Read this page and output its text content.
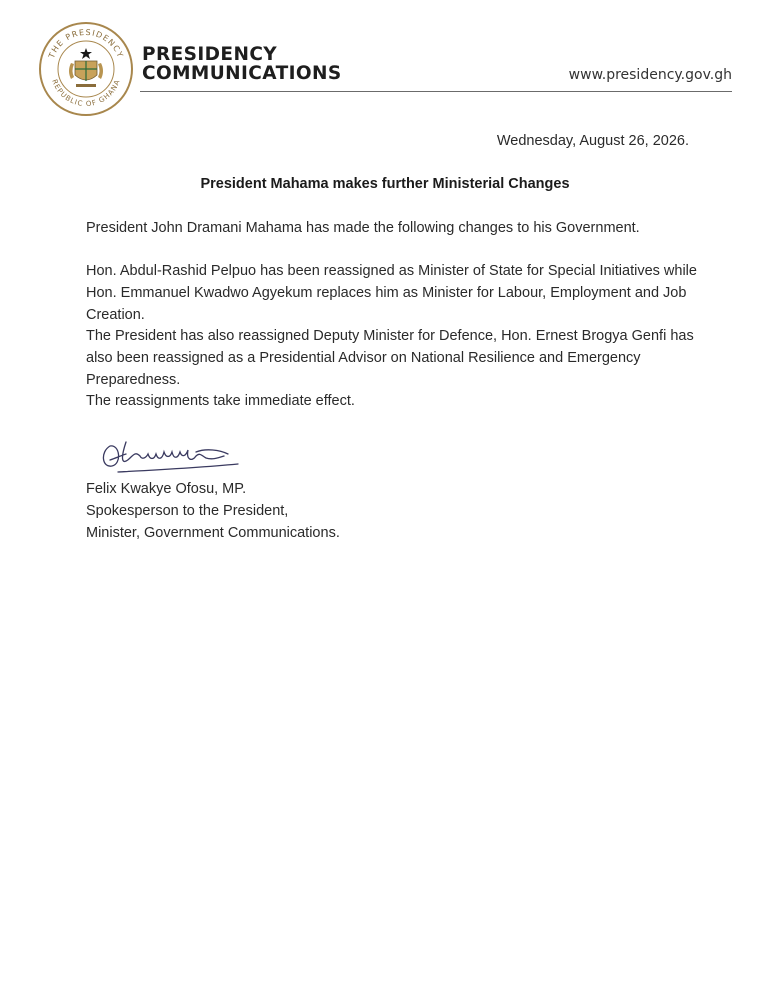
THE PRESIDENCY
REPUBLIC OF GHANA
PRESIDENCY
COMMUNICATIONS	www.presidency.gov.gh
Wednesday, August 26, 2026.
President Mahama makes further Ministerial Changes
President John Dramani Mahama has made the following changes to his Government.
Hon. Abdul-Rashid Pelpuo has been reassigned as Minister of State for Special Initiatives while Hon. Emmanuel Kwadwo Agyekum replaces him as Minister for Labour, Employment and Job Creation.
The President has also reassigned Deputy Minister for Defence, Hon. Ernest Brogya Genfi has also been reassigned as a Presidential Advisor on National Resilience and Emergency Preparedness.
The reassignments take immediate effect.
Felix Kwakye Ofosu, MP.
Spokesperson to the President,
Minister, Government Communications.
